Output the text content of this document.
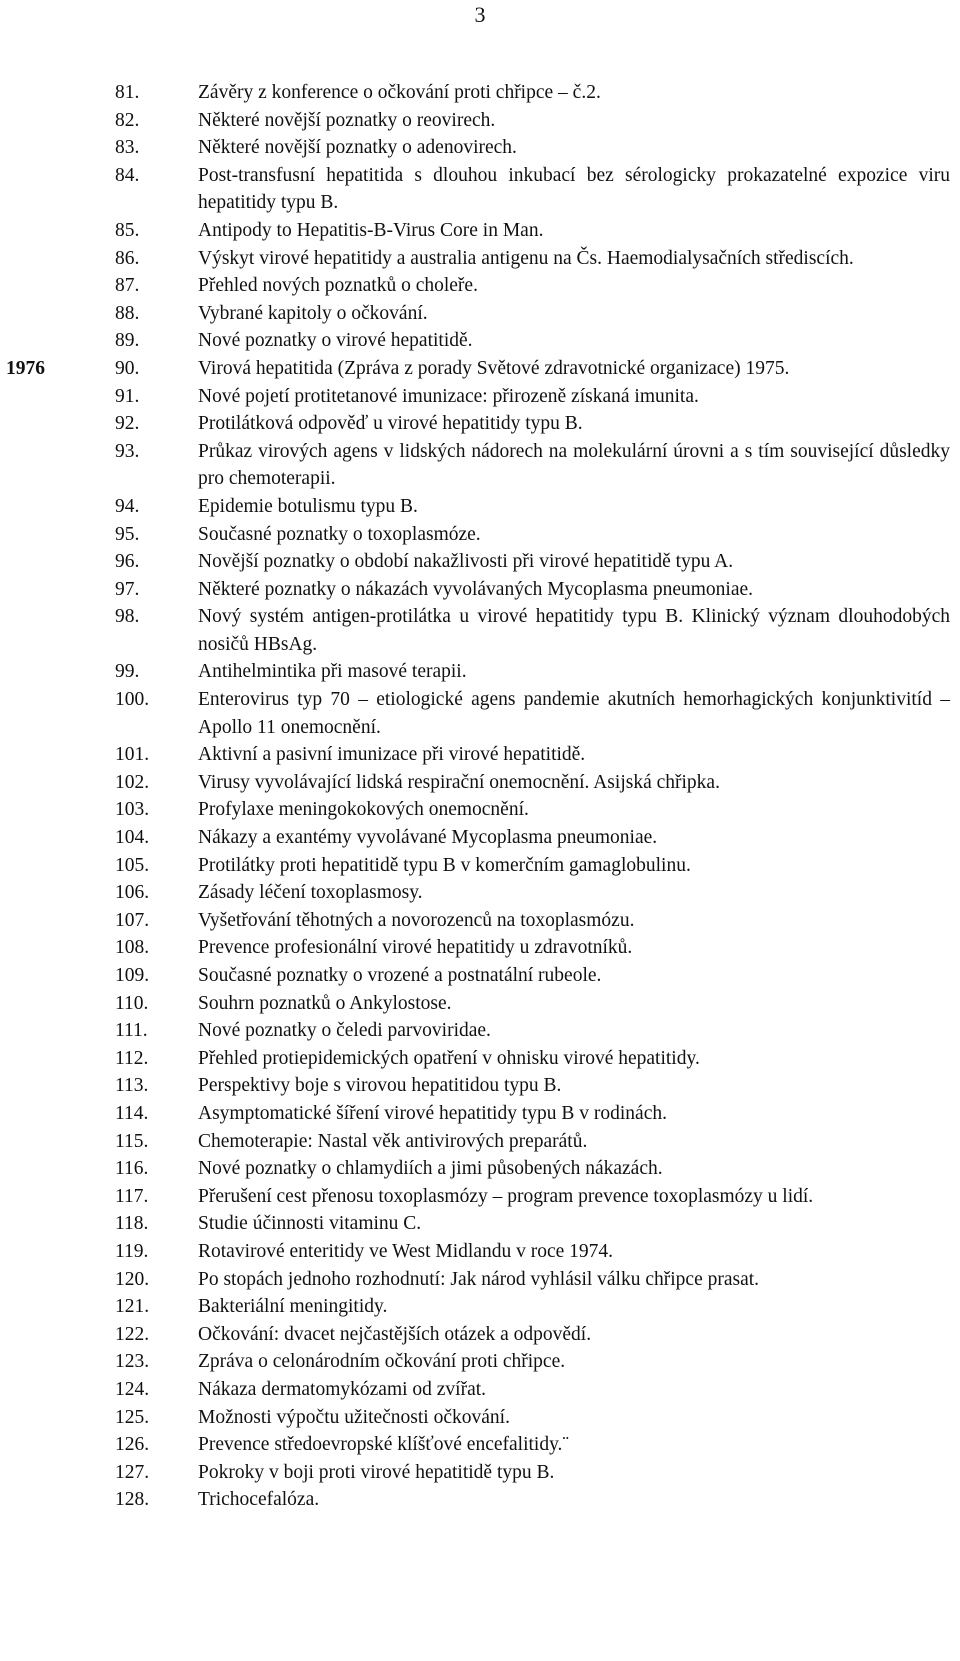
3
81.	Závěry z konference o očkování proti chřipce – č.2.
82.	Některé novější poznatky o reovirech.
83.	Některé novější poznatky o adenovirech.
84.	Post-transfusní hepatitida s dlouhou inkubací bez sérologicky prokazatelné expozice viru hepatitidy typu B.
85.	Antipody to Hepatitis-B-Virus Core in Man.
86.	Výskyt virové hepatitidy a australia antigenu na Čs. Haemodialysačních střediscích.
87.	Přehled nových poznatků o choleře.
88.	Vybrané kapitoly o očkování.
89.	Nové poznatky o virové hepatitidě.
1976	90.	Virová hepatitida (Zpráva z porady Světové zdravotnické organizace) 1975.
91.	Nové pojetí protitetanové imunizace: přirozeně získaná imunita.
92.	Protilátková odpověď u virové hepatitidy typu B.
93.	Průkaz virových agens v lidských nádorech na molekulární úrovni a s tím související důsledky pro chemoterapii.
94.	Epidemie botulismu typu B.
95.	Současné poznatky o toxoplasmóze.
96.	Novější poznatky o období nakažlivosti při virové hepatitidě typu A.
97.	Některé poznatky o nákazách vyvolávaných Mycoplasma pneumoniae.
98.	Nový systém antigen-protilátka u virové hepatitidy typu B. Klinický význam dlouhodobých nosičů HBsAg.
99.	Antihelmintika při masové terapii.
100.	Enterovirus typ 70 – etiologické agens pandemie akutních hemorhagických konjunktivitíd – Apollo 11 onemocnění.
101.	Aktivní a pasivní imunizace při virové hepatitidě.
102.	Virusy vyvolávající lidská respirační onemocnění. Asijská chřipka.
103.	Profylaxe meningokokových onemocnění.
104.	Nákazy a exantémy vyvolávané Mycoplasma pneumoniae.
105.	Protilátky proti hepatitidě typu B v komerčním gamaglobulinu.
106.	Zásady léčení toxoplasmosy.
107.	Vyšetřování těhotných a novorozenců na toxoplasmózu.
108.	Prevence profesionální virové hepatitidy u zdravotníků.
109.	Současné poznatky o vrozené a postnatální rubeole.
110.	Souhrn poznatků o Ankylostose.
111.	Nové poznatky o čeledi parvoviridae.
112.	Přehled protiepidemických opatření v ohnisku virové hepatitidy.
113.	Perspektivy boje s virovou hepatitidou typu B.
114.	Asymptomatické šíření virové hepatitidy typu B v rodinách.
115.	Chemoterapie: Nastal věk antivirových preparátů.
116.	Nové poznatky o chlamydiích a jimi působených nákazách.
117.	Přerušení cest přenosu toxoplasmózy – program prevence toxoplasmózy u lidí.
118.	Studie účinnosti vitaminu C.
119.	Rotavirové enteritidy ve West Midlandu v roce 1974.
120.	Po stopách jednoho rozhodnutí: Jak národ vyhlásil válku chřipce prasat.
121.	Bakteriální meningitidy.
122.	Očkování: dvacet nejčastějších otázek a odpovědí.
123.	Zpráva o celonárodním očkování proti chřipce.
124.	Nákaza dermatomykózami od zvířat.
125.	Možnosti výpočtu užitečnosti očkování.
126.	Prevence středoevropské klíšťové encefalitidy.¨
127.	Pokroky v boji proti virové hepatitidě typu B.
128.	Trichocefalóza.
